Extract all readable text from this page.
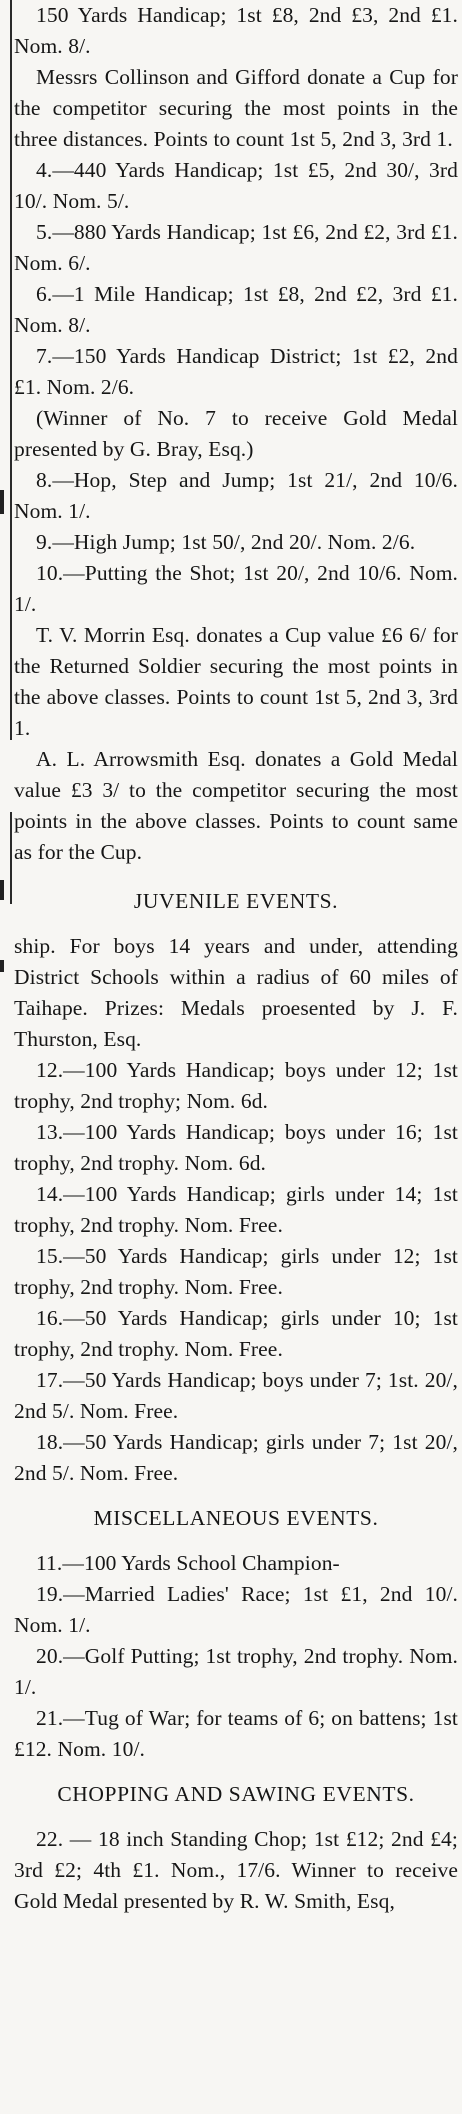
150 Yards Handicap; 1st £8, 2nd £3, 2nd £1. Nom. 8/.

Messrs Collinson and Gifford donate a Cup for the competitor securing the most points in the three distances. Points to count 1st 5, 2nd 3, 3rd 1.

4.—440 Yards Handicap; 1st £5, 2nd 30/, 3rd 10/. Nom. 5/.

5.—880 Yards Handicap; 1st £6, 2nd £2, 3rd £1. Nom. 6/.

6.—1 Mile Handicap; 1st £8, 2nd £2, 3rd £1. Nom. 8/.

7.—150 Yards Handicap District; 1st £2, 2nd £1. Nom. 2/6.

(Winner of No. 7 to receive Gold Medal presented by G. Bray, Esq.)

8.—Hop, Step and Jump; 1st 21/, 2nd 10/6. Nom. 1/.

9.—High Jump; 1st 50/, 2nd 20/. Nom. 2/6.

10.—Putting the Shot; 1st 20/, 2nd 10/6. Nom. 1/.

T. V. Morrin Esq. donates a Cup value £6 6/ for the Returned Soldier securing the most points in the above classes. Points to count 1st 5, 2nd 3, 3rd 1.

A. L. Arrowsmith Esq. donates a Gold Medal value £3 3/ to the competitor securing the most points in the above classes. Points to count same as for the Cup.

JUVENILE EVENTS.

ship. For boys 14 years and under, attending District Schools within a radius of 60 miles of Taihape. Prizes: Medals proesented by J. F. Thurston, Esq.

12.—100 Yards Handicap; boys under 12; 1st trophy, 2nd trophy; Nom. 6d.

13.—100 Yards Handicap; boys under 16; 1st trophy, 2nd trophy. Nom. 6d.

14.—100 Yards Handicap; girls under 14; 1st trophy, 2nd trophy. Nom. Free.

15.—50 Yards Handicap; girls under 12; 1st trophy, 2nd trophy. Nom. Free.

16.—50 Yards Handicap; girls under 10; 1st trophy, 2nd trophy. Nom. Free.

17.—50 Yards Handicap; boys under 7; 1st. 20/, 2nd 5/. Nom. Free.

18.—50 Yards Handicap; girls under 7; 1st 20/, 2nd 5/. Nom. Free.

MISCELLANEOUS EVENTS.

11.—100 Yards School Champion-

19.—Married Ladies' Race; 1st £1, 2nd 10/. Nom. 1/.

20.—Golf Putting; 1st trophy, 2nd trophy. Nom. 1/.

21.—Tug of War; for teams of 6; on battens; 1st £12. Nom. 10/.

CHOPPING AND SAWING EVENTS.

22. — 18 inch Standing Chop; 1st £12; 2nd £4; 3rd £2; 4th £1. Nom., 17/6. Winner to receive Gold Medal presented by R. W. Smith, Esq,
